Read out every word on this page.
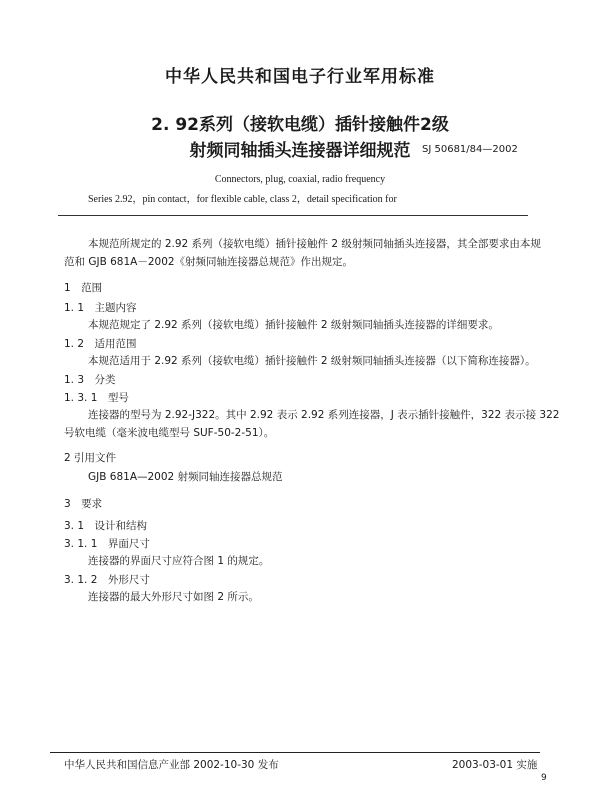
中华人民共和国电子行业军用标准
2. 92系列（接软电缆）插针接触件2级
射频同轴插头连接器详细规范	SJ 50681/84—2002
Connectors, plug, coaxial, radio frequency
Series 2.92，pin contact，for flexible cable, class 2，detail specification for
本规范所规定的 2.92 系列（接软电缆）插针接触件 2 级射频同轴插头连接器，其全部要求由本规
范和 GJB 681A－2002《射频同轴连接器总规范》作出规定。
1　范围
1. 1　主题内容
本规范规定了 2.92 系列（接软电缆）插针接触件 2 级射频同轴插头连接器的详细要求。
1. 2　适用范围
本规范适用于 2.92 系列（接软电缆）插针接触件 2 级射频同轴插头连接器（以下简称连接器）。
1. 3　分类
1. 3. 1　型号
连接器的型号为 2.92-J322。其中 2.92 表示 2.92 系列连接器，J 表示插针接触件，322 表示接 322
号软电缆（毫米波电缆型号 SUF-50-2-51）。
2 引用文件
GJB 681A—2002 射频同轴连接器总规范
3　要求
3. 1　设计和结构
3. 1. 1　界面尺寸
连接器的界面尺寸应符合图 1 的规定。
3. 1. 2　外形尺寸
连接器的最大外形尺寸如图 2 所示。
中华人民共和国信息产业部 2002-10-30 发布	2003-03-01 实施
9
